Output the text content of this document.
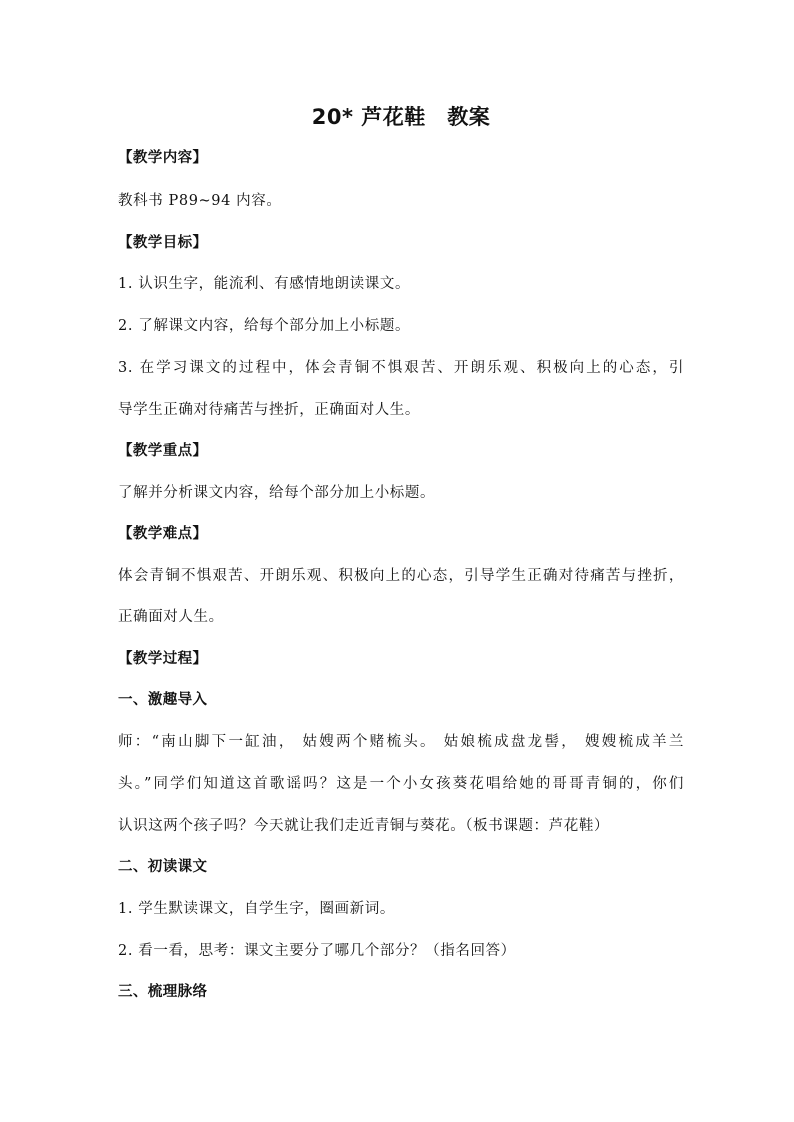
20* 芦花鞋　教案
【教学内容】
教科书 P89~94 内容。
【教学目标】
1. 认识生字，能流利、有感情地朗读课文。
2. 了解课文内容，给每个部分加上小标题。
3. 在学习课文的过程中，体会青铜不惧艰苦、开朗乐观、积极向上的心态，引
导学生正确对待痛苦与挫折，正确面对人生。
【教学重点】
了解并分析课文内容，给每个部分加上小标题。
【教学难点】
体会青铜不惧艰苦、开朗乐观、积极向上的心态，引导学生正确对待痛苦与挫折，
正确面对人生。
【教学过程】
一、激趣导入
师：“南山脚下一缸油， 姑嫂两个赌梳头。 姑娘梳成盘龙髻， 嫂嫂梳成羊兰
头。”同学们知道这首歌谣吗？这是一个小女孩葵花唱给她的哥哥青铜的，你们
认识这两个孩子吗？今天就让我们走近青铜与葵花。（板书课题：芦花鞋）
二、初读课文
1. 学生默读课文，自学生字，圈画新词。
2. 看一看，思考：课文主要分了哪几个部分？（指名回答）
三、梳理脉络
